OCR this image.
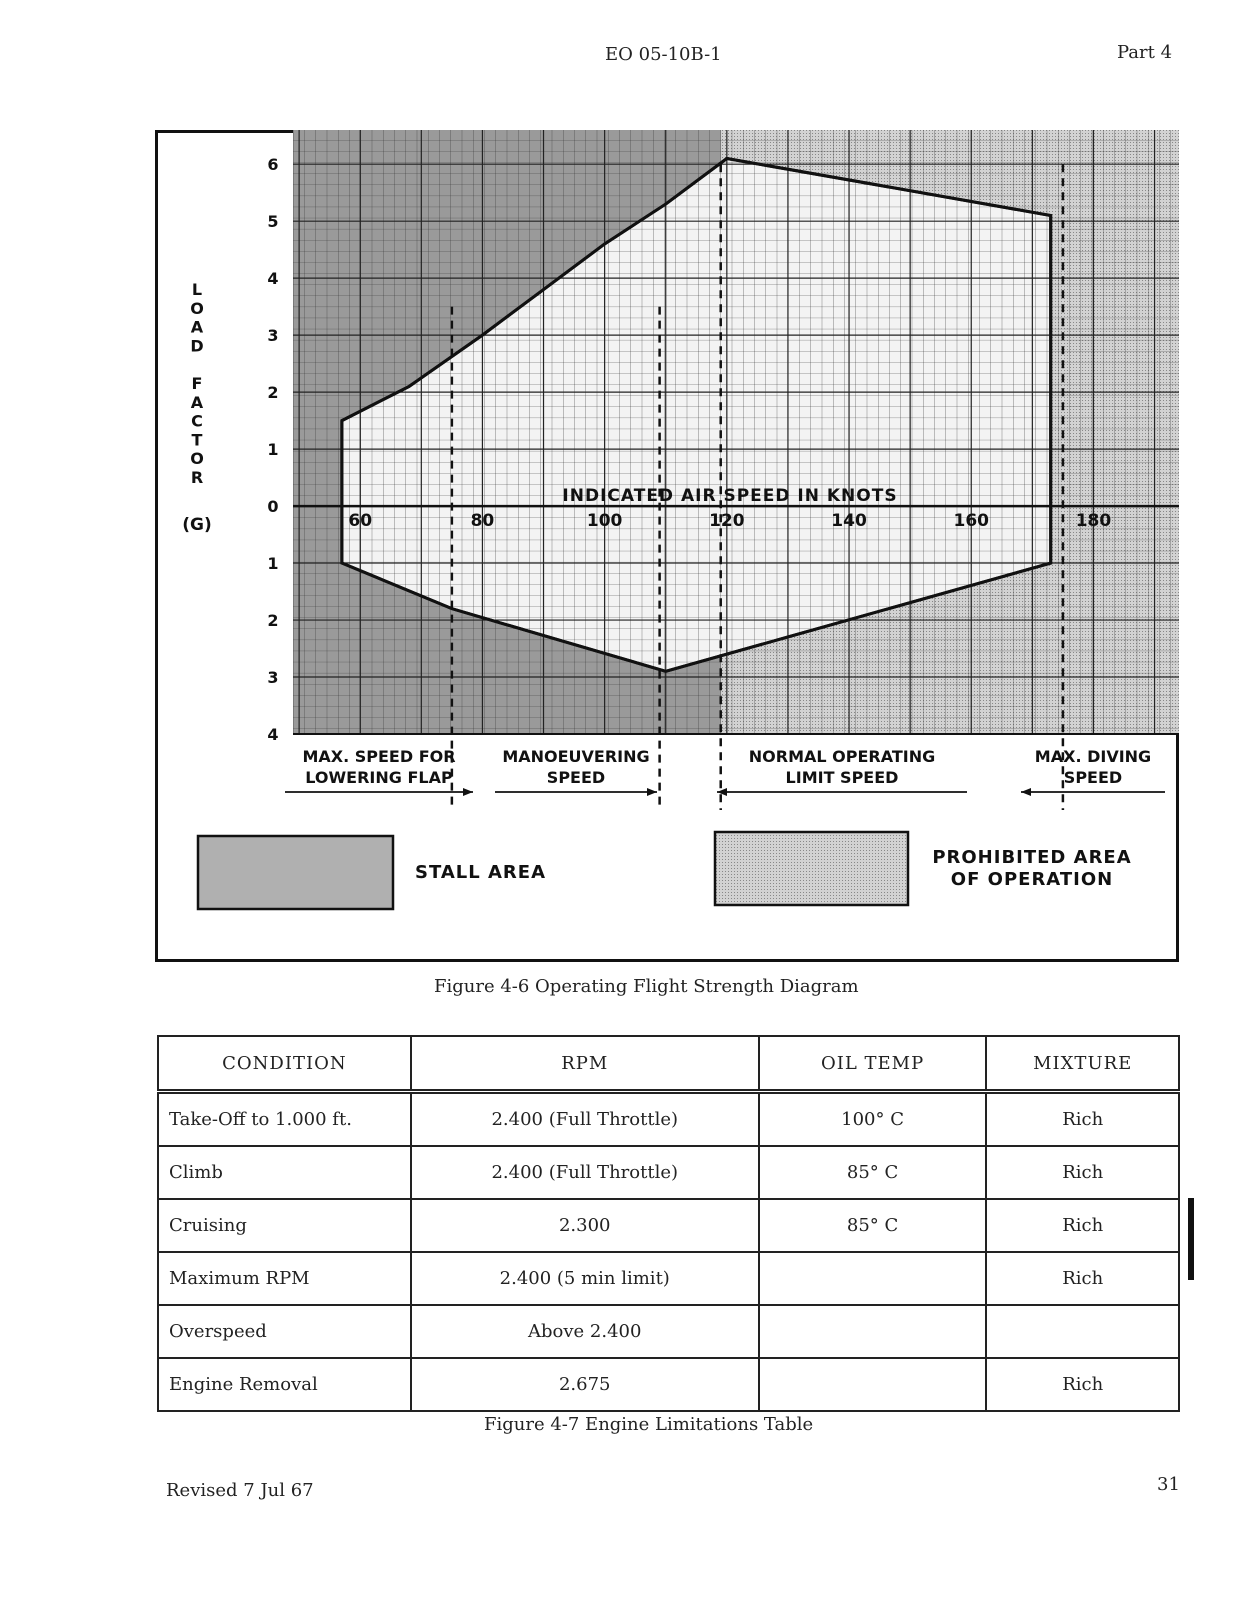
EO 05-10B-1	Part 4
60	80	100	120	140	160	180
6
5
4
3
2
1
0
1
2
3
4
INDICATED AIR SPEED IN KNOTS
L
O
A
D
F
A
C
T
O
R
(G)
MAX. SPEED FOR
LOWERING FLAP
MANOEUVERING
SPEED
NORMAL OPERATING
LIMIT SPEED
MAX. DIVING
SPEED
STALL AREA
PROHIBITED AREA
OF OPERATION
Figure 4-6 Operating Flight Strength Diagram
CONDITION	RPM	OIL TEMP	MIXTURE
Take-Off to 1.000 ft.	2.400 (Full Throttle)	100° C	Rich
Climb	2.400 (Full Throttle)	85° C	Rich
Cruising	2.300	85° C	Rich
Maximum RPM	2.400 (5 min limit)		Rich
Overspeed	Above 2.400		
Engine Removal	2.675		Rich
Figure 4-7 Engine Limitations Table
Revised 7 Jul 67	31
